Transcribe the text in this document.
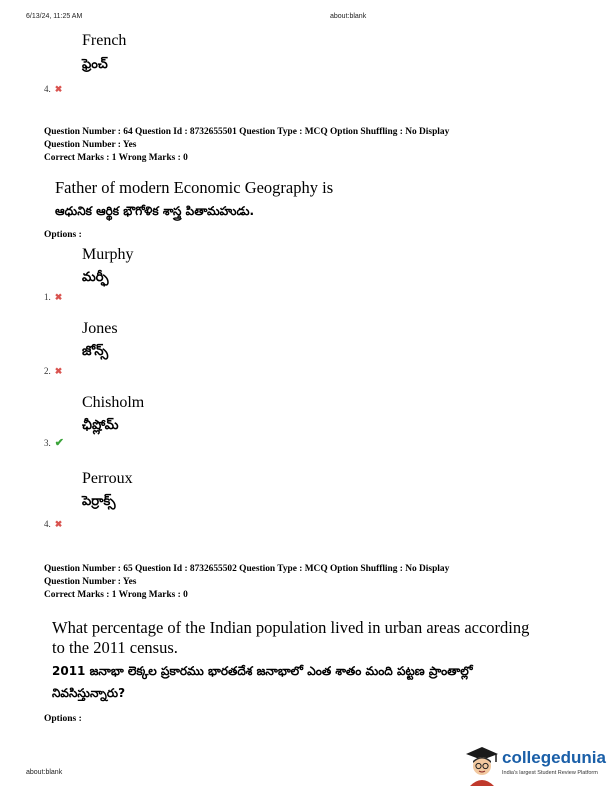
6/13/24, 11:25 AM	about:blank
French
ఫ్రెంచ్
4. ✖
Question Number : 64 Question Id : 8732655501 Question Type : MCQ Option Shuffling : No Display
Question Number : Yes
Correct Marks : 1 Wrong Marks : 0
Father of modern Economic Geography is
ఆధునిక ఆర్థిక భౌగోళిక శాస్త్ర పితామహుడు.
Options :
Murphy
మర్ఫీ
1. ✖
Jones
జోన్స్
2. ✖
Chisholm
ఛీష్లోమ్
3. ✔
Perroux
పెర్రాక్స్
4. ✖
Question Number : 65 Question Id : 8732655502 Question Type : MCQ Option Shuffling : No Display
Question Number : Yes
Correct Marks : 1 Wrong Marks : 0
What percentage of the Indian population lived in urban areas according
to the 2011 census.
2011 జనాభా లెక్కల ప్రకారము భారతదేశ జనాభాలో ఎంత శాతం మంది పట్టణ ప్రాంతాల్లో
నివసిస్తున్నారు?
Options :
about:blank
collegedunia
India's largest Student Review Platform
